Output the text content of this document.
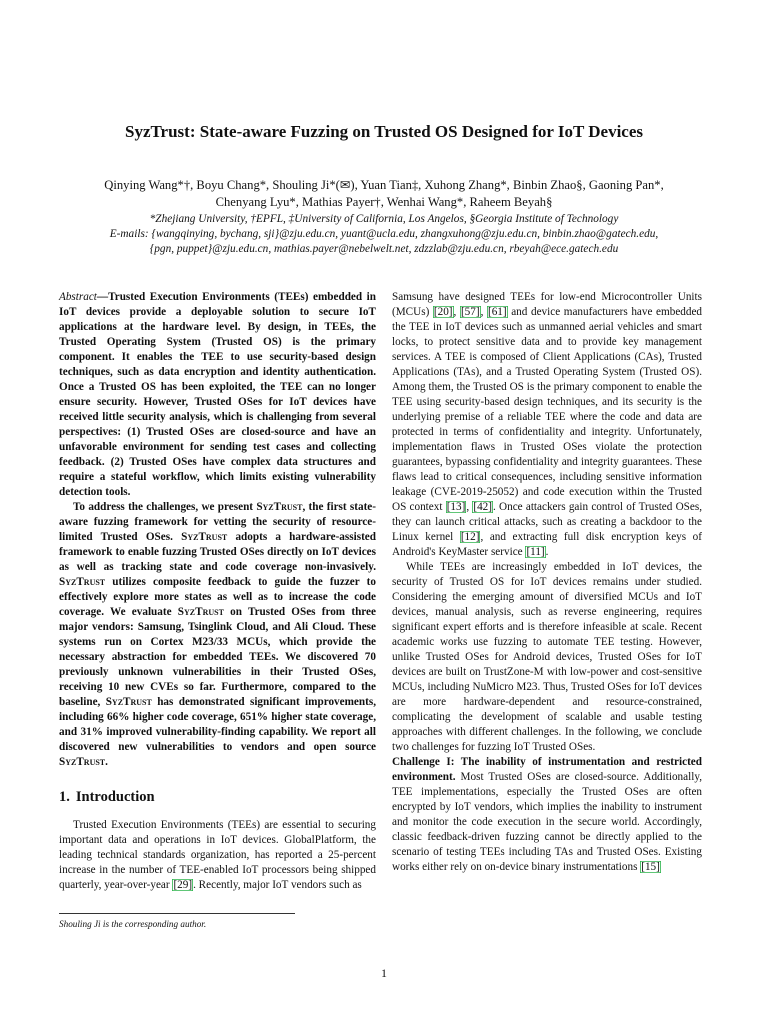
SyzTrust: State-aware Fuzzing on Trusted OS Designed for IoT Devices
Qinying Wang*†, Boyu Chang*, Shouling Ji*(✉), Yuan Tian‡, Xuhong Zhang*, Binbin Zhao§, Gaoning Pan*,
Chenyang Lyu*, Mathias Payer†, Wenhai Wang*, Raheem Beyah§
*Zhejiang University, †EPFL, ‡University of California, Los Angelos, §Georgia Institute of Technology
E-mails: {wangqinying, bychang, sji}@zju.edu.cn, yuant@ucla.edu, zhangxuhong@zju.edu.cn, binbin.zhao@gatech.edu,
{pgn, puppet}@zju.edu.cn, mathias.payer@nebelwelt.net, zdzzlab@zju.edu.cn, rbeyah@ece.gatech.edu

Abstract—Trusted Execution Environments (TEEs) embedded in IoT devices provide a deployable solution to secure IoT applications at the hardware level. By design, in TEEs, the Trusted Operating System (Trusted OS) is the primary component. It enables the TEE to use security-based design techniques, such as data encryption and identity authentication. Once a Trusted OS has been exploited, the TEE can no longer ensure security. However, Trusted OSes for IoT devices have received little security analysis, which is challenging from several perspectives: (1) Trusted OSes are closed-source and have an unfavorable environment for sending test cases and collecting feedback. (2) Trusted OSes have complex data structures and require a stateful workflow, which limits existing vulnerability detection tools.

To address the challenges, we present SyzTrust, the first state-aware fuzzing framework for vetting the security of resource-limited Trusted OSes. SyzTrust adopts a hardware-assisted framework to enable fuzzing Trusted OSes directly on IoT devices as well as tracking state and code coverage non-invasively. SyzTrust utilizes composite feedback to guide the fuzzer to effectively explore more states as well as to increase the code coverage. We evaluate SyzTrust on Trusted OSes from three major vendors: Samsung, Tsinglink Cloud, and Ali Cloud. These systems run on Cortex M23/33 MCUs, which provide the necessary abstraction for embedded TEEs. We discovered 70 previously unknown vulnerabilities in their Trusted OSes, receiving 10 new CVEs so far. Furthermore, compared to the baseline, SyzTrust has demonstrated significant improvements, including 66% higher code coverage, 651% higher state coverage, and 31% improved vulnerability-finding capability. We report all discovered new vulnerabilities to vendors and open source SyzTrust.

1. Introduction

Trusted Execution Environments (TEEs) are essential to securing important data and operations in IoT devices. GlobalPlatform, the leading technical standards organization, has reported a 25-percent increase in the number of TEE-enabled IoT processors being shipped quarterly, year-over-year [29]. Recently, major IoT vendors such as

Samsung have designed TEEs for low-end Microcontroller Units (MCUs) [20], [57], [61] and device manufacturers have embedded the TEE in IoT devices such as unmanned aerial vehicles and smart locks, to protect sensitive data and to provide key management services. A TEE is composed of Client Applications (CAs), Trusted Applications (TAs), and a Trusted Operating System (Trusted OS). Among them, the Trusted OS is the primary component to enable the TEE using security-based design techniques, and its security is the underlying premise of a reliable TEE where the code and data are protected in terms of confidentiality and integrity. Unfortunately, implementation flaws in Trusted OSes violate the protection guarantees, bypassing confidentiality and integrity guarantees. These flaws lead to critical consequences, including sensitive information leakage (CVE-2019-25052) and code execution within the Trusted OS context [13], [42]. Once attackers gain control of Trusted OSes, they can launch critical attacks, such as creating a backdoor to the Linux kernel [12], and extracting full disk encryption keys of Android's KeyMaster service [11].

While TEEs are increasingly embedded in IoT devices, the security of Trusted OS for IoT devices remains under studied. Considering the emerging amount of diversified MCUs and IoT devices, manual analysis, such as reverse engineering, requires significant expert efforts and is therefore infeasible at scale. Recent academic works use fuzzing to automate TEE testing. However, unlike Trusted OSes for Android devices, Trusted OSes for IoT devices are built on TrustZone-M with low-power and cost-sensitive MCUs, including NuMicro M23. Thus, Trusted OSes for IoT devices are more hardware-dependent and resource-constrained, complicating the development of scalable and usable testing approaches with different challenges. In the following, we conclude two challenges for fuzzing IoT Trusted OSes.

Challenge I: The inability of instrumentation and restricted environment. Most Trusted OSes are closed-source. Additionally, TEE implementations, especially the Trusted OSes are often encrypted by IoT vendors, which implies the inability to instrument and monitor the code execution in the secure world. Accordingly, classic feedback-driven fuzzing cannot be directly applied to the scenario of testing TEEs including TAs and Trusted OSes. Existing works either rely on on-device binary instrumentations [15]

Shouling Ji is the corresponding author.
1
